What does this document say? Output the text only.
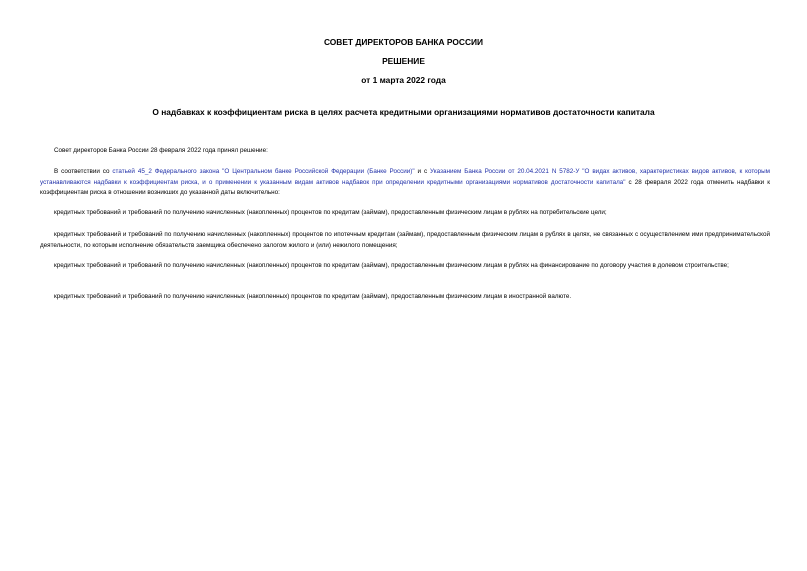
СОВЕТ ДИРЕКТОРОВ БАНКА РОССИИ
РЕШЕНИЕ
от 1 марта 2022 года
О надбавках к коэффициентам риска в целях расчета кредитными организациями нормативов достаточности капитала

Совет директоров Банка России 28 февраля 2022 года принял решение:

В соответствии со статьей 45_2 Федерального закона "О Центральном банке Российской Федерации (Банке России)" и с Указанием Банка России от 20.04.2021 N 5782-У "О видах активов, характеристиках видов активов, к которым устанавливаются надбавки к коэффициентам риска, и о применении к указанным видам активов надбавок при определении кредитными организациями нормативов достаточности капитала" с 28 февраля 2022 года отменить надбавки к коэффициентам риска в отношении возникших до указанной даты включительно:

кредитных требований и требований по получению начисленных (накопленных) процентов по кредитам (займам), предоставленным физическим лицам в рублях на потребительские цели;

кредитных требований и требований по получению начисленных (накопленных) процентов по ипотечным кредитам (займам), предоставленным физическим лицам в рублях в целях, не связанных с осуществлением ими предпринимательской деятельности, по которым исполнение обязательств заемщика обеспечено залогом жилого и (или) нежилого помещения;

кредитных требований и требований по получению начисленных (накопленных) процентов по кредитам (займам), предоставленным физическим лицам в рублях на финансирование по договору участия в долевом строительстве;

кредитных требований и требований по получению начисленных (накопленных) процентов по кредитам (займам), предоставленным физическим лицам в иностранной валюте.
